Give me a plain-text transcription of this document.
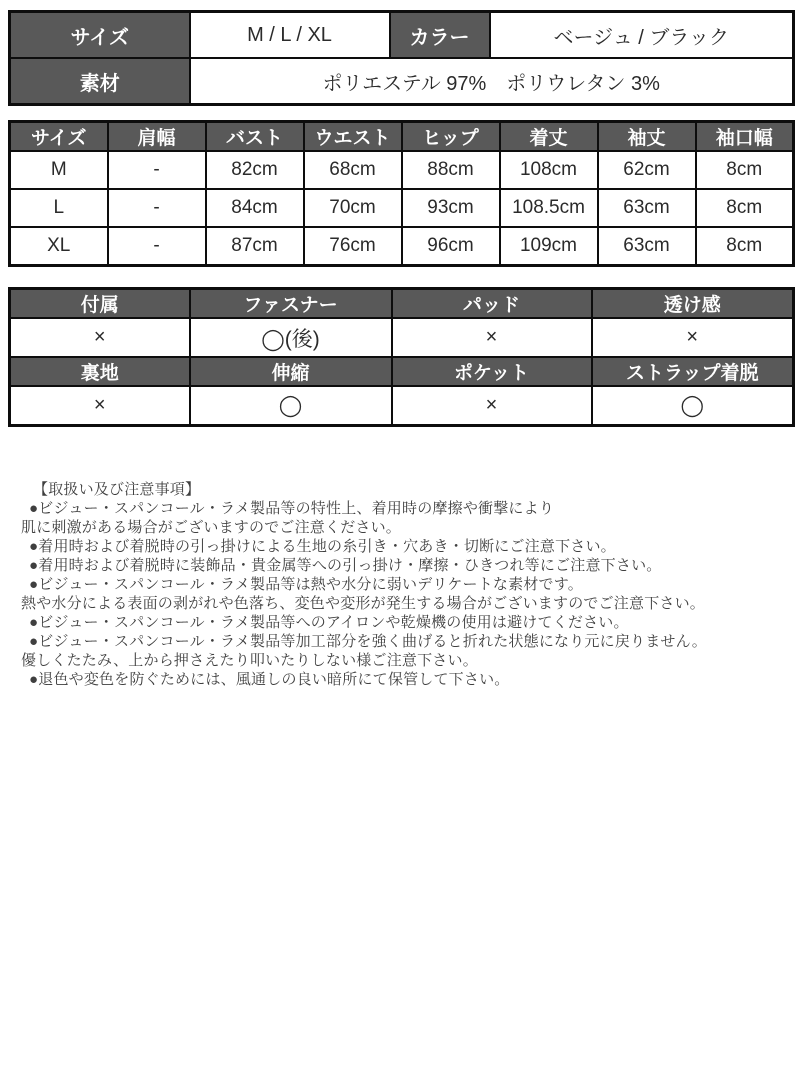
サイズ	M / L / XL	カラー	ベージュ / ブラック
素材	ポリエステル 97%　ポリウレタン 3%		
サイズ	肩幅	バスト	ウエスト	ヒップ	着丈	袖丈	袖口幅
M	-	82cm	68cm	88cm	108cm	62cm	8cm
L	-	84cm	70cm	93cm	108.5cm	63cm	8cm
XL	-	87cm	76cm	96cm	109cm	63cm	8cm
付属	ファスナー	パッド	透け感
×	◯(後)	×	×
裏地	伸縮	ポケット	ストラップ着脱
×	◯	×	◯
【取扱い及び注意事項】
●ビジュー・スパンコール・ラメ製品等の特性上、着用時の摩擦や衝撃により
肌に刺激がある場合がございますのでご注意ください。
●着用時および着脱時の引っ掛けによる生地の糸引き・穴あき・切断にご注意下さい。
●着用時および着脱時に装飾品・貴金属等への引っ掛け・摩擦・ひきつれ等にご注意下さい。
●ビジュー・スパンコール・ラメ製品等は熱や水分に弱いデリケートな素材です。
熱や水分による表面の剥がれや色落ち、変色や変形が発生する場合がございますのでご注意下さい。
●ビジュー・スパンコール・ラメ製品等へのアイロンや乾燥機の使用は避けてください。
●ビジュー・スパンコール・ラメ製品等加工部分を強く曲げると折れた状態になり元に戻りません。
優しくたたみ、上から押さえたり叩いたりしない様ご注意下さい。
●退色や変色を防ぐためには、風通しの良い暗所にて保管して下さい。
